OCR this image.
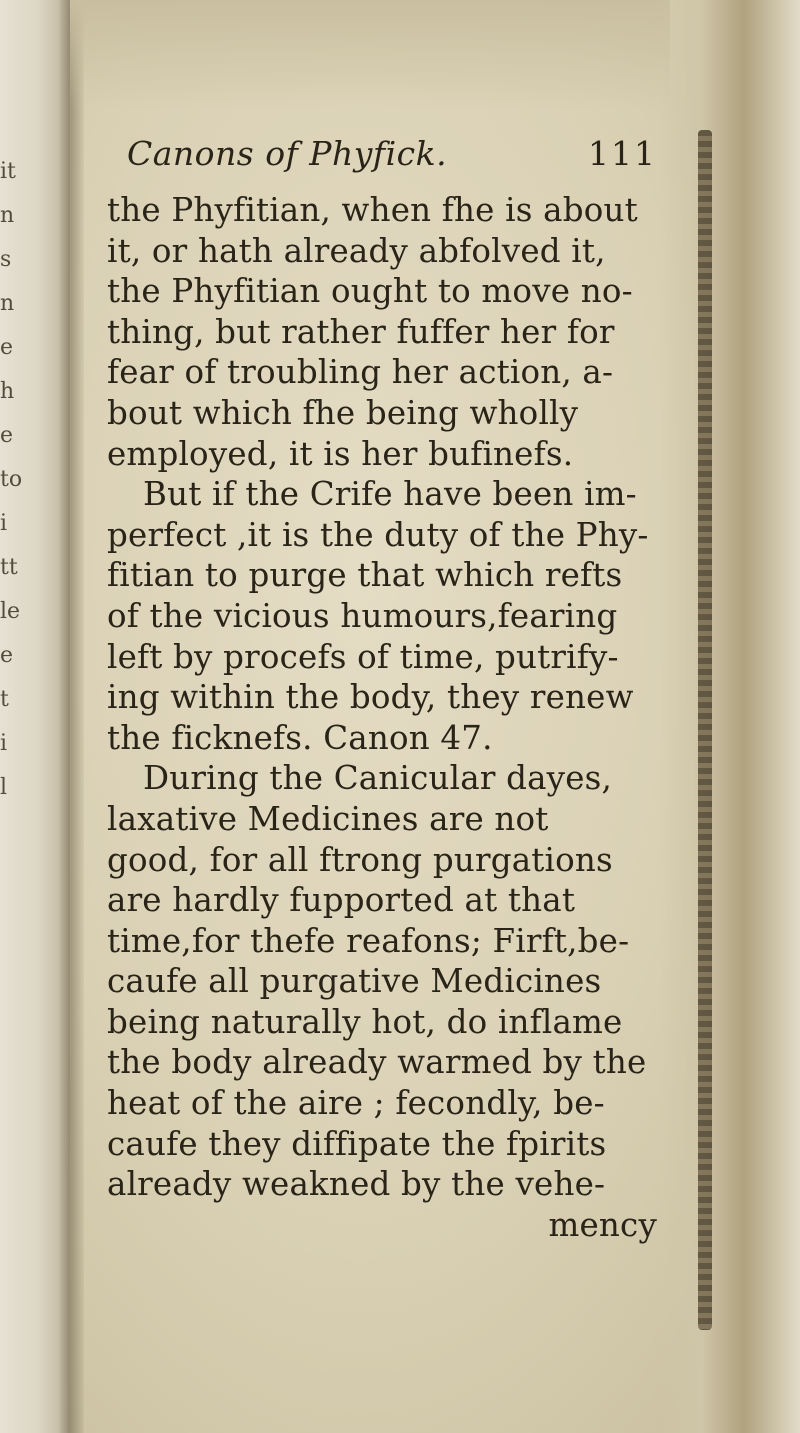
it
n
s
n
e
h
e
to
i
tt
le
e
t
i
l
Canons of Phyfick.	111
the Phyfitian, when fhe is about
it, or hath already abfolved it,
the Phyfitian ought to move no-
thing, but rather fuffer her for
fear of troubling her action, a-
bout which fhe being wholly
employed, it is her bufinefs.
But if the Crife have been im-
perfect ,it is the duty of the Phy-
fitian to purge that which refts
of the vicious humours,fearing
left by procefs of time, putrify-
ing within the body, they renew
the ficknefs. Canon 47.
During the Canicular dayes,
laxative Medicines are not
good, for all ftrong purgations
are hardly fupported at that
time,for thefe reafons; Firft,be-
caufe all purgative Medicines
being naturally hot, do inflame
the body already warmed by the
heat of the aire ; fecondly, be-
caufe they diffipate the fpirits
already weakned by the vehe-
mency
